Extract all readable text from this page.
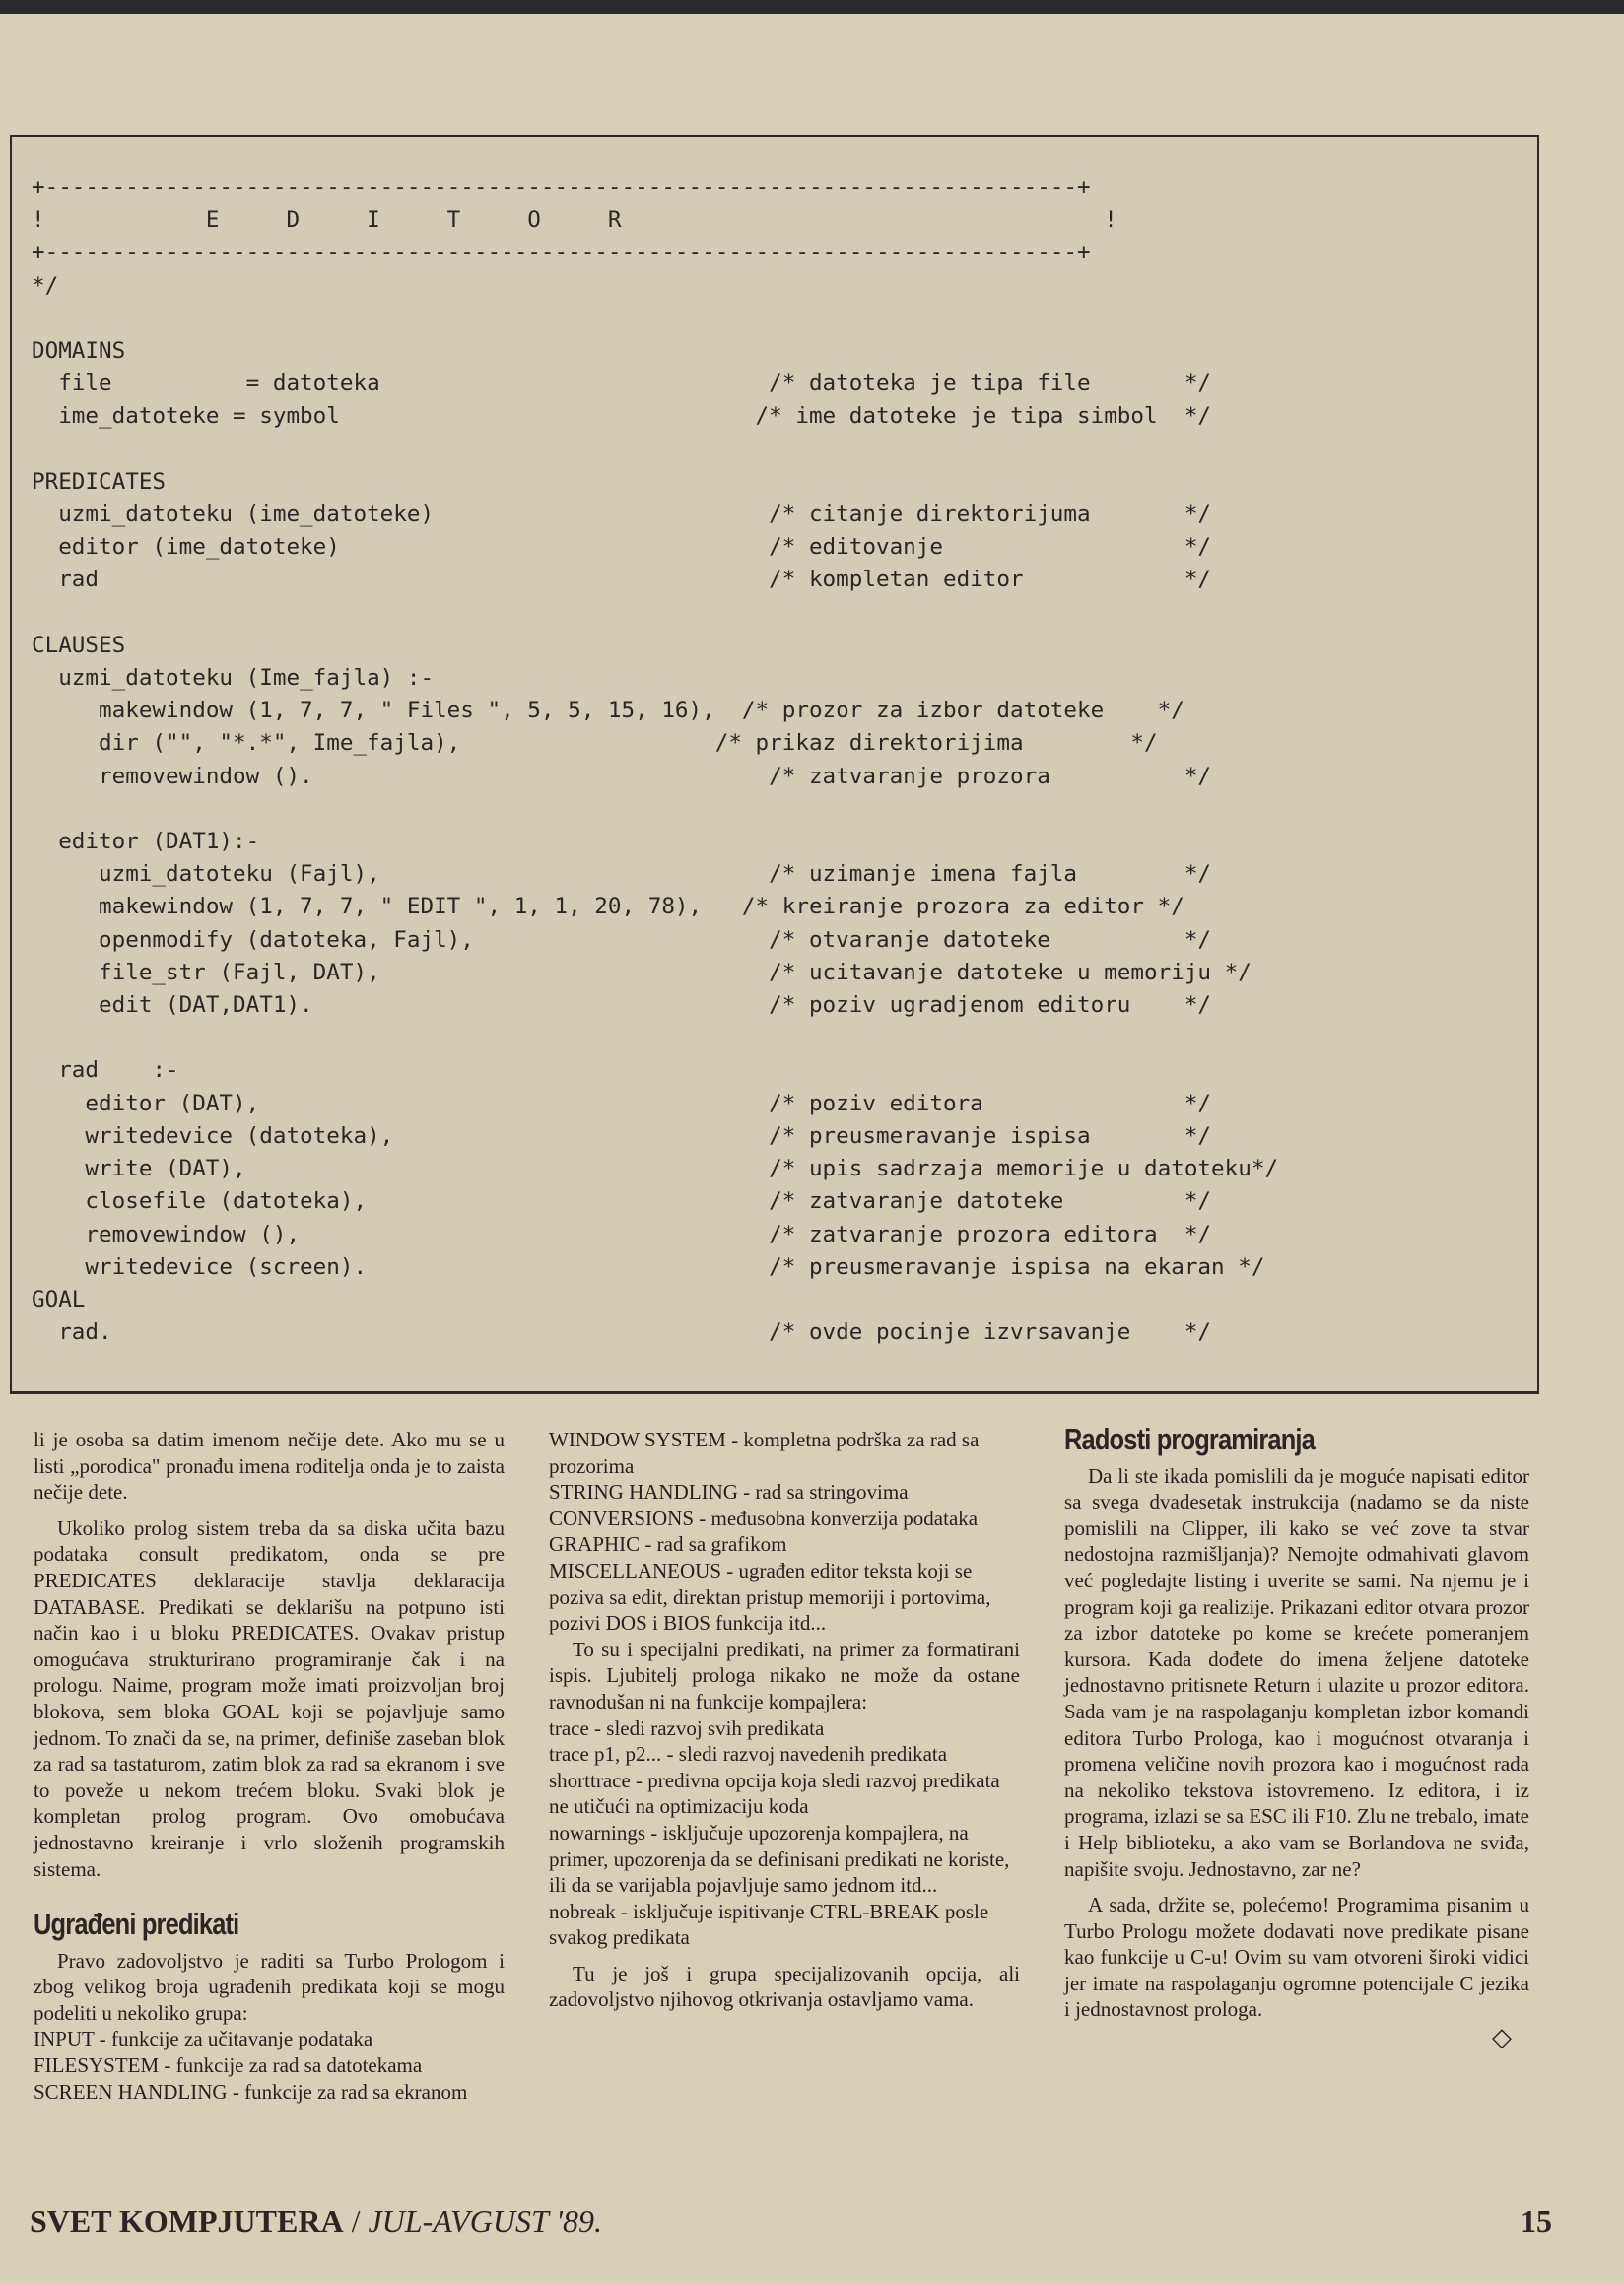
+-----------------------------------------------------------------------------+
!            E     D     I     T     O     R                                    !
+-----------------------------------------------------------------------------+
*/

DOMAINS
file          = datoteka                             /* datoteka je tipa file       */
ime_datoteke = symbol                               /* ime datoteke je tipa simbol  */

PREDICATES
uzmi_datoteku (ime_datoteke)                         /* citanje direktorijuma       */
editor (ime_datoteke)                                /* editovanje                  */
rad                                                  /* kompletan editor            */

CLAUSES
uzmi_datoteku (Ime_fajla) :-
makewindow (1, 7, 7, " Files ", 5, 5, 15, 16),  /* prozor za izbor datoteke    */
dir ("", "*.*", Ime_fajla),                   /* prikaz direktorijima        */
removewindow ().                                  /* zatvaranje prozora          */

editor (DAT1):-
uzmi_datoteku (Fajl),                             /* uzimanje imena fajla        */
makewindow (1, 7, 7, " EDIT ", 1, 1, 20, 78),   /* kreiranje prozora za editor */
openmodify (datoteka, Fajl),                      /* otvaranje datoteke          */
file_str (Fajl, DAT),                             /* ucitavanje datoteke u memoriju */
edit (DAT,DAT1).                                  /* poziv ugradjenom editoru    */

rad    :-
editor (DAT),                                      /* poziv editora               */
writedevice (datoteka),                            /* preusmeravanje ispisa       */
write (DAT),                                       /* upis sadrzaja memorije u datoteku*/
closefile (datoteka),                              /* zatvaranje datoteke         */
removewindow (),                                   /* zatvaranje prozora editora  */
writedevice (screen).                              /* preusmeravanje ispisa na ekaran */
GOAL
rad.                                                 /* ovde pocinje izvrsavanje    */

li je osoba sa datim imenom nečije dete. Ako mu se u listi „porodica" pronađu imena roditelja onda je to zaista nečije dete.

Ukoliko prolog sistem treba da sa diska učita bazu podataka consult predikatom, onda se pre PREDICATES deklaracije stavlja deklaracija DATABASE. Predikati se deklarišu na potpuno isti način kao i u bloku PREDICATES. Ovakav pristup omogućava strukturirano programiranje čak i na prologu. Naime, program može imati proizvoljan broj blokova, sem bloka GOAL koji se pojavljuje samo jednom. To znači da se, na primer, definiše zaseban blok za rad sa tastaturom, zatim blok za rad sa ekranom i sve to poveže u nekom trećem bloku. Svaki blok je kompletan prolog program. Ovo omobućava jednostavno kreiranje i vrlo složenih programskih sistema.

Ugrađeni predikati

Pravo zadovoljstvo je raditi sa Turbo Prologom i zbog velikog broja ugrađenih predikata koji se mogu podeliti u nekoliko grupa:

INPUT - funkcije za učitavanje podataka

FILESYSTEM - funkcije za rad sa datotekama

SCREEN HANDLING - funkcije za rad sa ekranom

WINDOW SYSTEM - kompletna podrška za rad sa prozorima

STRING HANDLING - rad sa stringovima

CONVERSIONS - međusobna konverzija podataka

GRAPHIC - rad sa grafikom

MISCELLANEOUS - ugrađen editor teksta koji se poziva sa edit, direktan pristup memoriji i portovima, pozivi DOS i BIOS funkcija itd...

To su i specijalni predikati, na primer za formatirani ispis. Ljubitelj prologa nikako ne može da ostane ravnodušan ni na funkcije kompajlera:

trace - sledi razvoj svih predikata

trace p1, p2... - sledi razvoj navedenih predikata

shorttrace - predivna opcija koja sledi razvoj predikata ne utičući na optimizaciju koda

nowarnings - isključuje upozorenja kompajlera, na primer, upozorenja da se definisani predikati ne koriste, ili da se varijabla pojavljuje samo jednom itd...

nobreak - isključuje ispitivanje CTRL-BREAK posle svakog predikata

Tu je još i grupa specijalizovanih opcija, ali zadovoljstvo njihovog otkrivanja ostavljamo vama.

Radosti programiranja

Da li ste ikada pomislili da je moguće napisati editor sa svega dvadesetak instrukcija (nadamo se da niste pomislili na Clipper, ili kako se već zove ta stvar nedostojna razmišljanja)? Nemojte odmahivati glavom već pogledajte listing i uverite se sami. Na njemu je i program koji ga realizije. Prikazani editor otvara prozor za izbor datoteke po kome se krećete pomeranjem kursora. Kada dođete do imena željene datoteke jednostavno pritisnete Return i ulazite u prozor editora. Sada vam je na raspolaganju kompletan izbor komandi editora Turbo Prologa, kao i mogućnost otvaranja i promena veličine novih prozora kao i mogućnost rada na nekoliko tekstova istovremeno. Iz editora, i iz programa, izlazi se sa ESC ili F10. Zlu ne trebalo, imate i Help biblioteku, a ako vam se Borlandova ne sviđa, napišite svoju. Jednostavno, zar ne?

A sada, držite se, polećemo! Programima pisanim u Turbo Prologu možete dodavati nove predikate pisane kao funkcije u C-u! Ovim su vam otvoreni široki vidici jer imate na raspolaganju ogromne potencijale C jezika i jednostavnost prologa.

◇
SVET KOMPJUTERA / JUL-AVGUST '89.	15
